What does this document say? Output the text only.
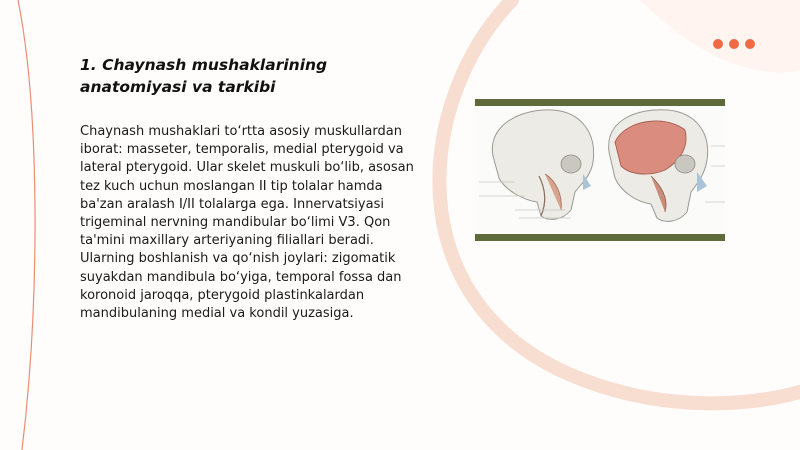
1. Chaynash mushaklarining anatomiyasi va tarkibi
Chaynash mushaklari to‘rtta asosiy muskullardan iborat: masseter, temporalis, medial pterygoid va lateral pterygoid. Ular skelet muskuli bo‘lib, asosan tez kuch uchun moslangan II tip tolalar hamda ba'zan aralash I/II tolalarga ega. Innervatsiyasi trigeminal nervning mandibular bo‘limi V3. Qon ta'mini maxillary arteriyaning filiallari beradi. Ularning boshlanish va qo‘nish joylari: zigomatik suyakdan mandibula bo‘yiga, temporal fossa dan koronoid jaroqqa, pterygoid plastinkalardan mandibulaning medial va kondil yuzasiga.
